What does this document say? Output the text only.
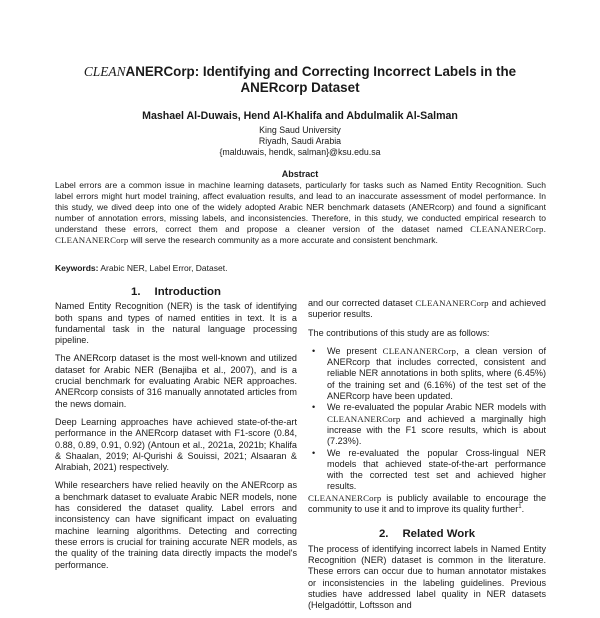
CLEANANERCorp: Identifying and Correcting Incorrect Labels in the
ANERcorp Dataset
Mashael Al-Duwais, Hend Al-Khalifa and Abdulmalik Al-Salman
King Saud University
Riyadh, Saudi Arabia
{malduwais, hendk, salman}@ksu.edu.sa
Abstract
Label errors are a common issue in machine learning datasets, particularly for tasks such as Named Entity Recognition. Such label errors might hurt model training, affect evaluation results, and lead to an inaccurate assessment of model performance. In this study, we dived deep into one of the widely adopted Arabic NER benchmark datasets (ANERcorp) and found a significant number of annotation errors, missing labels, and inconsistencies. Therefore, in this study, we conducted empirical research to understand these errors, correct them and propose a cleaner version of the dataset named CLEANANERCorp. CLEANANERCorp will serve the research community as a more accurate and consistent benchmark.
Keywords: Arabic NER, Label Error, Dataset.
1. Introduction

Named Entity Recognition (NER) is the task of identifying both spans and types of named entities in text. It is a fundamental task in the natural language processing pipeline.

The ANERcorp dataset is the most well-known and utilized dataset for Arabic NER (Benajiba et al., 2007), and is a crucial benchmark for evaluating Arabic NER approaches. ANERcorp consists of 316 manually annotated articles from the news domain.

Deep Learning approaches have achieved state-of-the-art performance in the ANERcorp dataset with F1-score (0.84, 0.88, 0.89, 0.91, 0.92) (Antoun et al., 2021a, 2021b; Khalifa & Shaalan, 2019; Al-Qurishi & Souissi, 2021; Alsaaran & Alrabiah, 2021) respectively.

While researchers have relied heavily on the ANERcorp as a benchmark dataset to evaluate Arabic NER models, none has considered the dataset quality. Label errors and inconsistency can have significant impact on evaluating machine learning algorithms. Detecting and correcting these errors is crucial for training accurate NER models, as the quality of the training data directly impacts the model's performance.

and our corrected dataset CLEANANERCorp and achieved superior results.

The contributions of this study are as follows:

• We present CLEANANERCorp, a clean version of ANERcorp that includes corrected, consistent and reliable NER annotations in both splits, where (6.45%) of the training set and (6.16%) of the test set of the ANERcorp have been updated.
• We re-evaluated the popular Arabic NER models with CLEANANERCorp and achieved a marginally high increase with the F1 score results, which is about (7.23%).
• We re-evaluated the popular Cross-lingual NER models that achieved state-of-the-art performance with the corrected test set and achieved higher results.

CLEANANERCorp is publicly available to encourage the community to use it and to improve its quality further$^1$.

2. Related Work

The process of identifying incorrect labels in Named Entity Recognition (NER) dataset is common in the literature. These errors can occur due to human annotator mistakes or inconsistencies in the labeling guidelines. Previous studies have addressed label quality in NER datasets (Helgadóttir, Loftsson and
